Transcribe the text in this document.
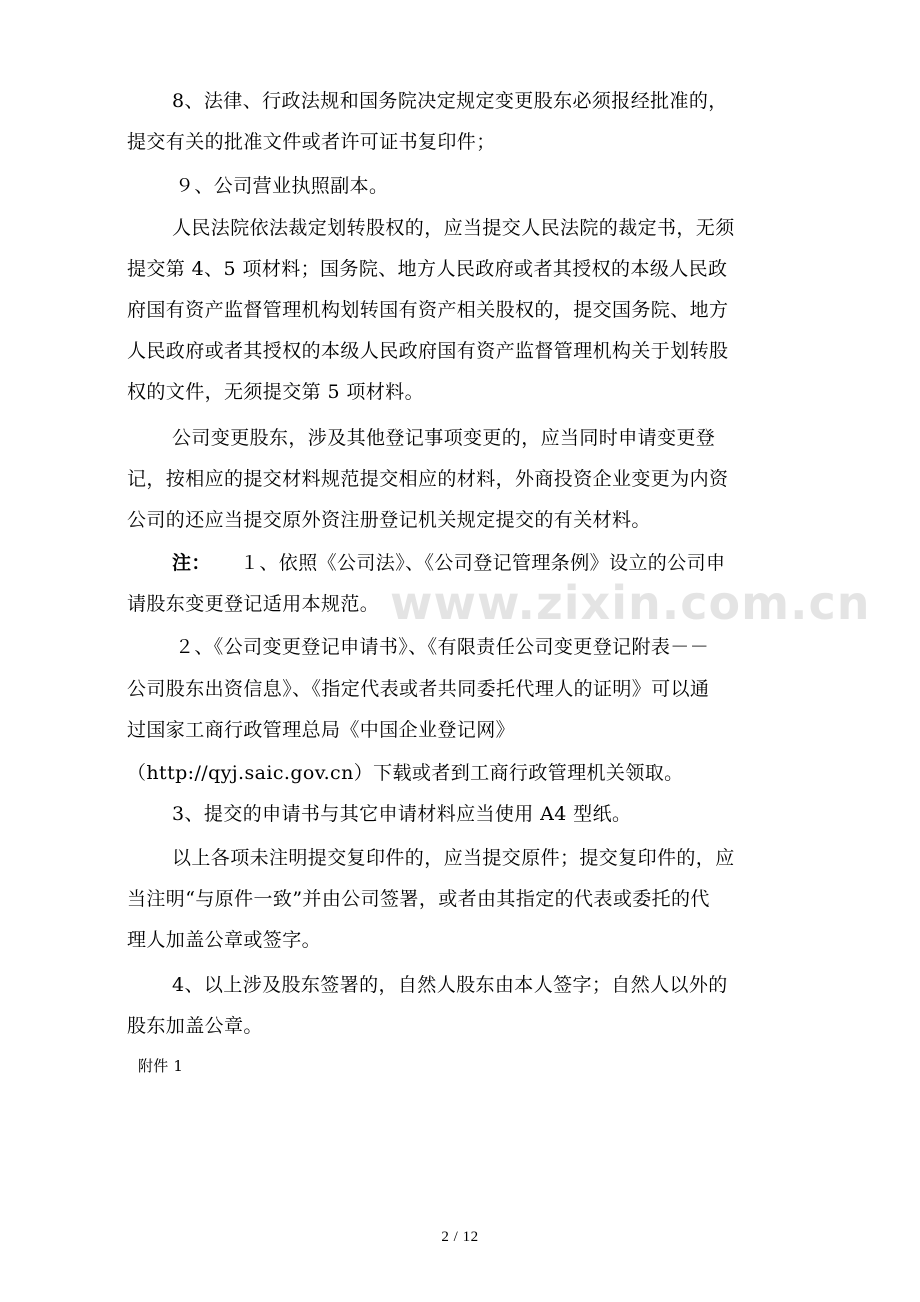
8、法律、行政法规和国务院决定规定变更股东必须报经批准的，
提交有关的批准文件或者许可证书复印件；
９、公司营业执照副本。
人民法院依法裁定划转股权的，应当提交人民法院的裁定书，无须
提交第 4、5 项材料；国务院、地方人民政府或者其授权的本级人民政
府国有资产监督管理机构划转国有资产相关股权的，提交国务院、地方
人民政府或者其授权的本级人民政府国有资产监督管理机构关于划转股
权的文件，无须提交第 5 项材料。
公司变更股东，涉及其他登记事项变更的，应当同时申请变更登
记，按相应的提交材料规范提交相应的材料，外商投资企业变更为内资
公司的还应当提交原外资注册登记机关规定提交的有关材料。
注： １、依照《公司法》、《公司登记管理条例》设立的公司申
请股东变更登记适用本规范。
２、《公司变更登记申请书》、《有限责任公司变更登记附表－－
公司股东出资信息》、《指定代表或者共同委托代理人的证明》可以通
过国家工商行政管理总局《中国企业登记网》
（http://qyj.saic.gov.cn）下载或者到工商行政管理机关领取。
3、提交的申请书与其它申请材料应当使用 A4 型纸。
以上各项未注明提交复印件的，应当提交原件；提交复印件的，应
当注明“与原件一致”并由公司签署，或者由其指定的代表或委托的代
理人加盖公章或签字。
4、以上涉及股东签署的，自然人股东由本人签字；自然人以外的
股东加盖公章。
附件 1
www.zixin.com.cn
2 / 12
